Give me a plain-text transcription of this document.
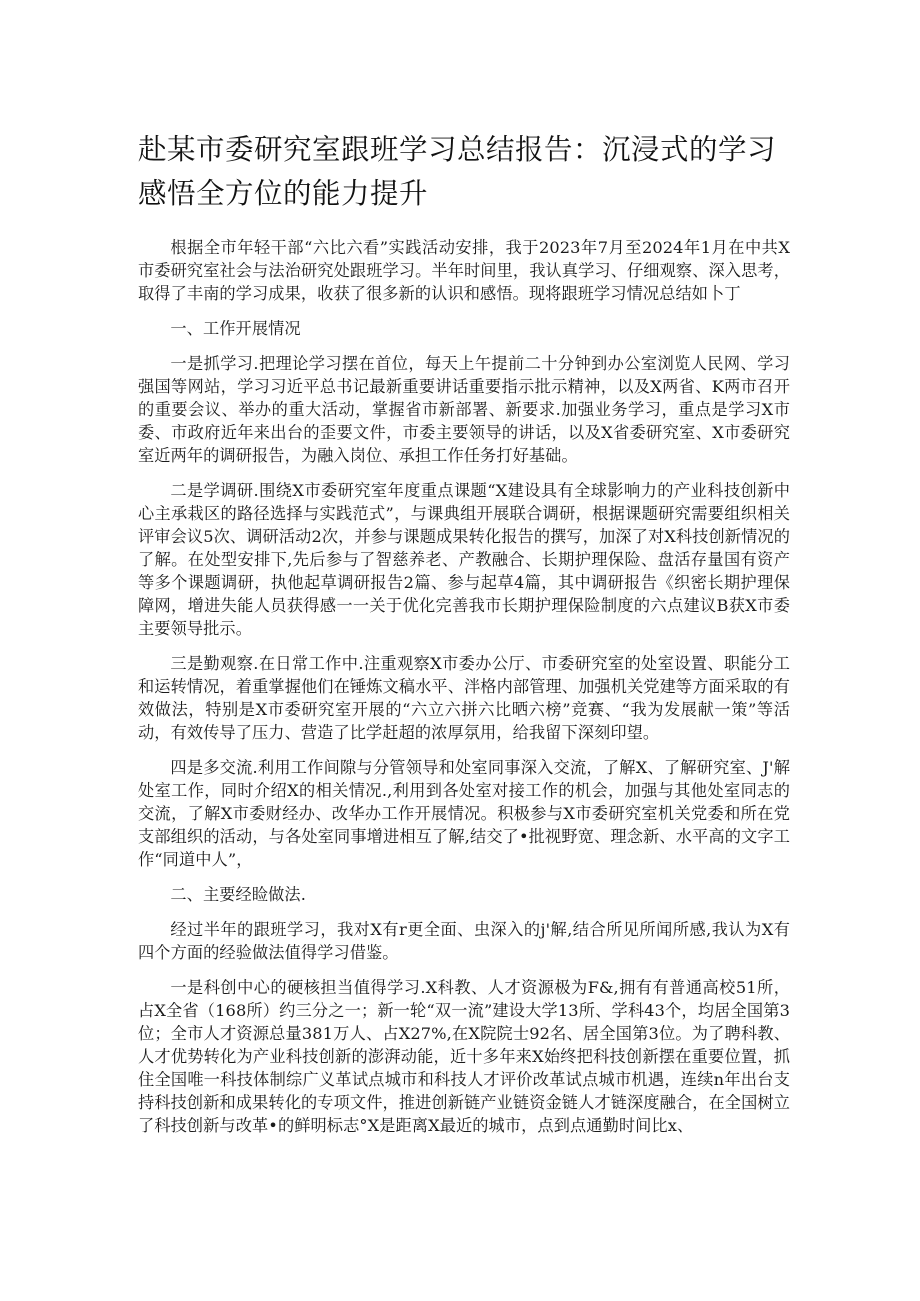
赴某市委研究室跟班学习总结报告：沉浸式的学习感悟全方位的能力提升

根据全市年轻干部“六比六看”实践活动安排，我于2023年7月至2024年1月在中共X市委研究室社会与法治研究处跟班学习。半年时间里，我认真学习、仔细观察、深入思考，取得了丰南的学习成果，收获了很多新的认识和感悟。现将跟班学习情况总结如卜丁

一、工作开展情况

一是抓学习.把理论学习摆在首位，每天上午提前二十分钟到办公室浏览人民网、学习强国等网站，学习习近平总书记最新重要讲话重要指示批示精神，以及X两省、K两市召开的重要会议、举办的重大活动，掌握省市新部署、新要求.加强业务学习，重点是学习X市委、市政府近年来出台的歪要文件，市委主要领导的讲话，以及X省委研究室、X市委研究室近两年的调研报告，为融入岗位、承担工作任务打好基础。

二是学调研.围绕X市委研究室年度重点课题“X建设具有全球影响力的产业科技创新中心主承栽区的路径选择与实践范式”，与课典组开展联合调研，根据课题研究需要组织相关评审会议5次、调研活动2次，并参与课题成果转化报告的撰写，加深了对X科技创新情况的了解。在处型安排下,先后参与了智慈养老、产教融合、长期护理保险、盘活存量国有资产等多个课题调研，执他起草调研报告2篇、参与起草4篇，其中调研报告《织密长期护理保障网，增进失能人员获得感一一关于优化完善我市长期护理保险制度的六点建议B获X市委主要领导批示。

三是勤观察.在日常工作中.注重观察X市委办公厅、市委研究室的处室设置、职能分工和运转情况，着重掌握他们在锤炼文稿水平、泮格内部管理、加强机关党建等方面采取的有效做法，特别是X市委研究室开展的“六立六拼六比晒六榜”竞赛、“我为发展献一策”等活动，有效传导了压力、营造了比学赶超的浓厚氛用，给我留下深刻印望。

四是多交流.利用工作间隙与分管领导和处室同事深入交流，了解X、了解研究室、J'解处室工作，同时介绍X的相关情况.,利用到各处室对接工作的机会，加强与其他处室同志的交流，了解X市委财经办、改华办工作开展情况。积极参与X市委研究室机关党委和所在党支部组织的活动，与各处室同事增进相互了解,结交了•批视野宽、理念新、水平高的文字工作“同道中人”，

二、主要经睑做法.

经过半年的跟班学习，我对X有r更全面、虫深入的j'解,结合所见所闻所感,我认为X有四个方面的经验做法值得学习借鉴。

一是科创中心的硬核担当值得学习.X科教、人才资源极为F&,拥有有普通高校51所，占X全省（168所）约三分之一；新一轮“双一流”建设大学13所、学科43个，均居全国第3位；全市人才资源总量381万人、占X27%,在X院院士92名、居全国第3位。为了聘科教、人才优势转化为产业科技创新的澎湃动能，近十多年来X始终把科技创新摆在重要位置，抓住全国唯一科技体制综广义革试点城市和科技人才评价改革试点城市机遇，连续n年出台支持科技创新和成果转化的专项文件，推进创新链产业链资金链人才链深度融合，在全国树立了科技创新与改革•的鲜明标志°X是距离X最近的城市，点到点通勤时间比x、
